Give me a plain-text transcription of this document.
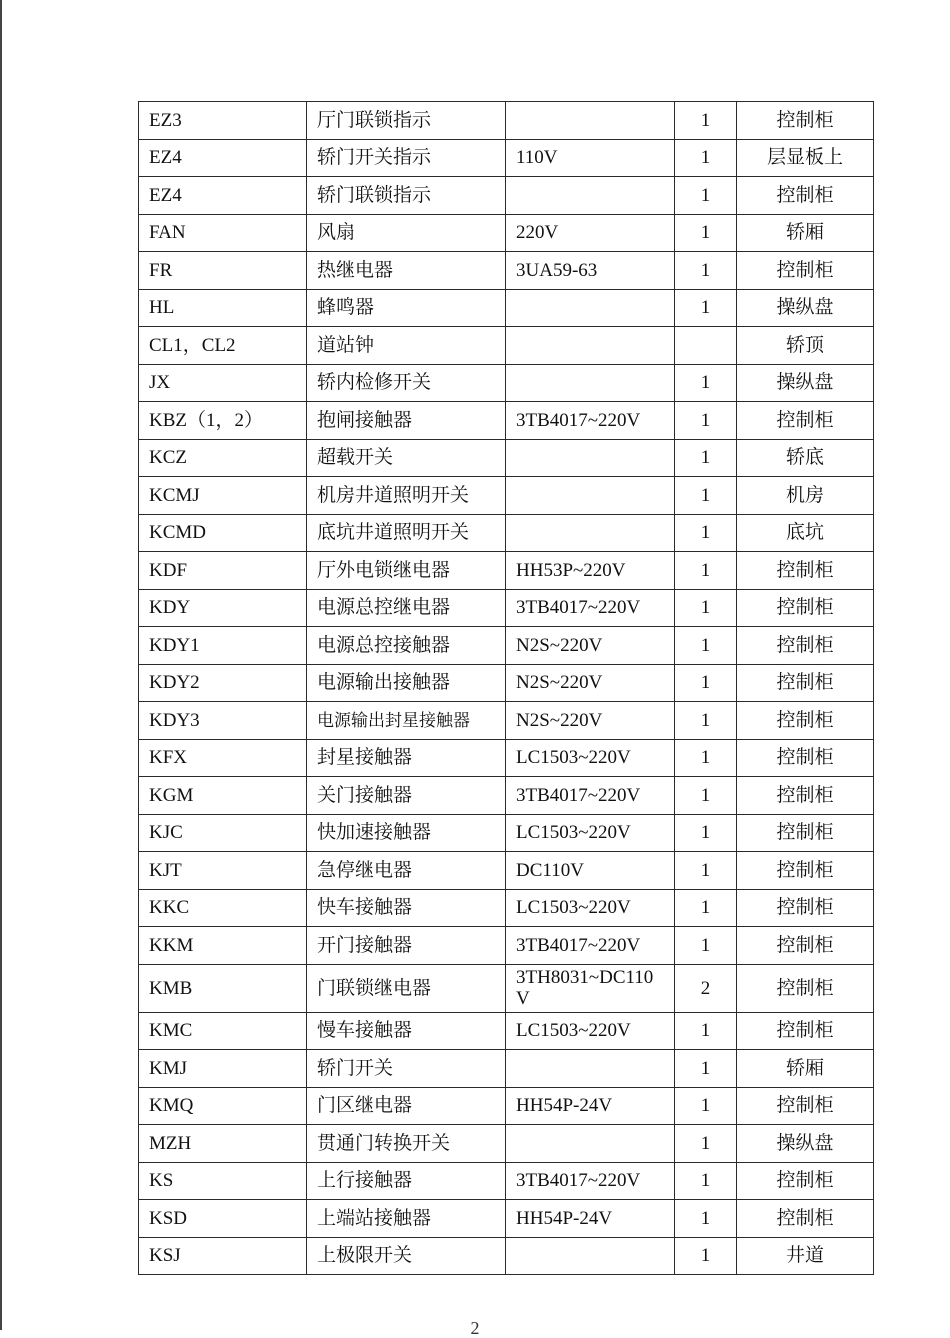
EZ3	厅门联锁指示		1	控制柜
EZ4	轿门开关指示	110V	1	层显板上
EZ4	轿门联锁指示		1	控制柜
FAN	风扇	220V	1	轿厢
FR	热继电器	3UA59-63	1	控制柜
HL	蜂鸣器		1	操纵盘
CL1，CL2	道站钟			轿顶
JX	轿内检修开关		1	操纵盘
KBZ（1，2）	抱闸接触器	3TB4017~220V	1	控制柜
KCZ	超载开关		1	轿底
KCMJ	机房井道照明开关		1	机房
KCMD	底坑井道照明开关		1	底坑
KDF	厅外电锁继电器	HH53P~220V	1	控制柜
KDY	电源总控继电器	3TB4017~220V	1	控制柜
KDY1	电源总控接触器	N2S~220V	1	控制柜
KDY2	电源输出接触器	N2S~220V	1	控制柜
KDY3	电源输出封星接触器	N2S~220V	1	控制柜
KFX	封星接触器	LC1503~220V	1	控制柜
KGM	关门接触器	3TB4017~220V	1	控制柜
KJC	快加速接触器	LC1503~220V	1	控制柜
KJT	急停继电器	DC110V	1	控制柜
KKC	快车接触器	LC1503~220V	1	控制柜
KKM	开门接触器	3TB4017~220V	1	控制柜
KMB	门联锁继电器	3TH8031~DC110V	2	控制柜
KMC	慢车接触器	LC1503~220V	1	控制柜
KMJ	轿门开关		1	轿厢
KMQ	门区继电器	HH54P-24V	1	控制柜
MZH	贯通门转换开关		1	操纵盘
KS	上行接触器	3TB4017~220V	1	控制柜
KSD	上端站接触器	HH54P-24V	1	控制柜
KSJ	上极限开关		1	井道
2
